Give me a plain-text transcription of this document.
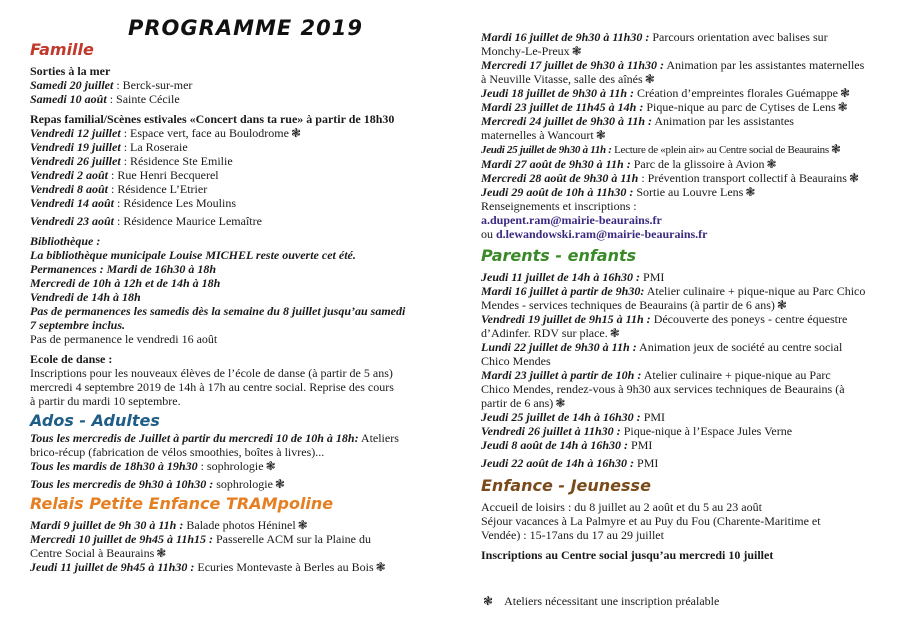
PROGRAMME 2019

Famille

Sorties à la mer

Samedi 20 juillet : Berck-sur-mer

Samedi 10 août : Sainte Cécile

Repas familial/Scènes estivales «Concert dans ta rue» à partir de 18h30

Vendredi 12 juillet : Espace vert, face au Boulodrome ❃

Vendredi 19 juillet : La Roseraie

Vendredi 26 juillet : Résidence Ste Emilie

Vendredi 2 août : Rue Henri Becquerel

Vendredi 8 août : Résidence L’Etrier

Vendredi 14 août : Résidence Les Moulins

Vendredi 23 août : Résidence Maurice Lemaître

Bibliothèque :

La bibliothèque municipale Louise MICHEL reste ouverte cet été.

Permanences : Mardi de 16h30 à 18h

Mercredi de 10h à 12h et de 14h à 18h

Vendredi de 14h à 18h

Pas de permanences les samedis dès la semaine du 8 juillet jusqu’au samedi

7 septembre inclus.

Pas de permanence le vendredi 16 août

Ecole de danse :

Inscriptions pour les nouveaux élèves de l’école de danse (à partir de 5 ans)

mercredi 4 septembre 2019 de 14h à 17h au centre social. Reprise des cours

à partir du mardi 10 septembre.

Ados - Adultes

Tous les mercredis de Juillet à partir du mercredi 10 de 10h à 18h: Ateliers

brico-récup (fabrication de vélos smoothies, boîtes à livres)...

Tous les mardis de 18h30 à 19h30 : sophrologie ❃

Tous les mercredis de 9h30 à 10h30 : sophrologie ❃

Relais Petite Enfance TRAMpoline

Mardi 9 juillet de 9h 30 à 11h : Balade photos Héninel ❃

Mercredi 10 juillet de 9h45 à 11h15 : Passerelle ACM sur la Plaine du

Centre Social à Beaurains ❃

Jeudi 11 juillet de 9h45 à 11h30 : Ecuries Montevaste à Berles au Bois ❃

Mardi 16 juillet de 9h30 à 11h30 : Parcours orientation avec balises sur

Monchy-Le-Preux ❃

Mercredi 17 juillet de 9h30 à 11h30 : Animation par les assistantes maternelles

à Neuville Vitasse, salle des aînés ❃

Jeudi 18 juillet de 9h30 à 11h : Création d’empreintes florales Guémappe ❃

Mardi 23 juillet de 11h45 à 14h : Pique-nique au parc de Cytises de Lens ❃

Mercredi 24 juillet de 9h30 à 11h : Animation par les assistantes

maternelles à Wancourt ❃

Jeudi 25 juillet de 9h30 à 11h : Lecture de «plein air» au Centre social de Beaurains ❃

Mardi 27 août de 9h30 à 11h : Parc de la glissoire à Avion ❃

Mercredi 28 août de 9h30 à 11h : Prévention transport collectif à Beaurains ❃

Jeudi 29 août de 10h à 11h30 : Sortie au Louvre Lens ❃

Renseignements et inscriptions :

a.dupent.ram@mairie-beaurains.fr

ou d.lewandowski.ram@mairie-beaurains.fr

Parents - enfants

Jeudi 11 juillet de 14h à 16h30 : PMI

Mardi 16 juillet à partir de 9h30: Atelier culinaire + pique-nique au Parc Chico

Mendes - services techniques de Beaurains (à partir de 6 ans) ❃

Vendredi 19 juillet de 9h15 à 11h : Découverte des poneys - centre équestre

d’Adinfer. RDV sur place. ❃

Lundi 22 juillet de 9h30 à 11h : Animation jeux de société au centre social

Chico Mendes

Mardi 23 juillet à partir de 10h : Atelier culinaire + pique-nique au Parc

Chico Mendes, rendez-vous à 9h30 aux services techniques de Beaurains (à

partir de 6 ans) ❃

Jeudi 25 juillet de 14h à 16h30 : PMI

Vendredi 26 juillet à 11h30 : Pique-nique à l’Espace Jules Verne

Jeudi 8 août de 14h à 16h30 : PMI

Jeudi 22 août de 14h à 16h30 : PMI

Enfance - Jeunesse

Accueil de loisirs : du 8 juillet au 2 août et du 5 au 23 août

Séjour vacances à La Palmyre et au Puy du Fou (Charente-Maritime et

Vendée) : 15-17ans du 17 au 29 juillet

Inscriptions au Centre social jusqu’au mercredi 10 juillet

❃ Ateliers nécessitant une inscription préalable
